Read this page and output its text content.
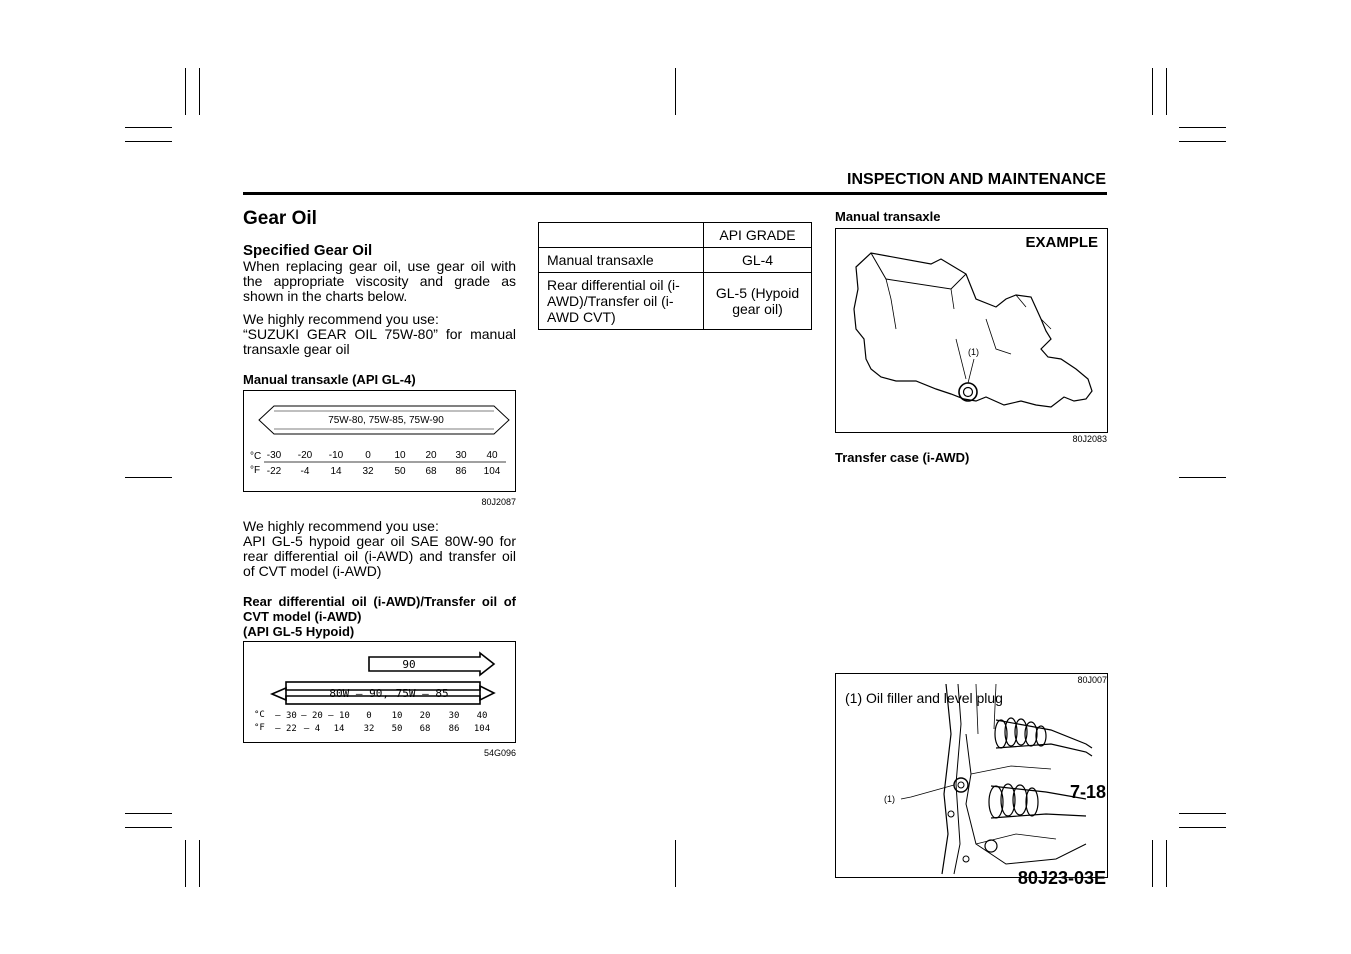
INSPECTION AND MAINTENANCE
Gear Oil
Specified Gear Oil

When replacing gear oil, use gear oil with the appropriate viscosity and grade as shown in the charts below.

We highly recommend you use:

“SUZUKI GEAR OIL 75W-80” for manual transaxle gear oil

Manual transaxle (API GL-4)

75W-80, 75W-85, 75W-90
°C
°F
-30 -20 -10 0 10 20 30 40
-22 -4 14 32 50 68 86 104
80J2087

We highly recommend you use:

API GL-5 hypoid gear oil SAE 80W-90 for rear differential oil (i-AWD) and transfer oil of CVT model (i-AWD)

Rear differential oil (i-AWD)/Transfer oil of CVT model (i-AWD)

(API GL-5 Hypoid)

90
80W – 90, 75W – 85
°C
°F
– 30 – 20 – 10 0 10 20 30 40
– 22 – 4 14 32 50 68 86 104
54G096
	API GRADE
Manual transaxle	GL-4
Rear differential oil (i-AWD)/Transfer oil (i-AWD CVT)	GL-5 (Hypoid gear oil)

Manual transaxle

EXAMPLE
(1)
80J2083

Transfer case (i-AWD)

(1)
80J007
(1) Oil filler and level plug
7-18
80J23-03E
